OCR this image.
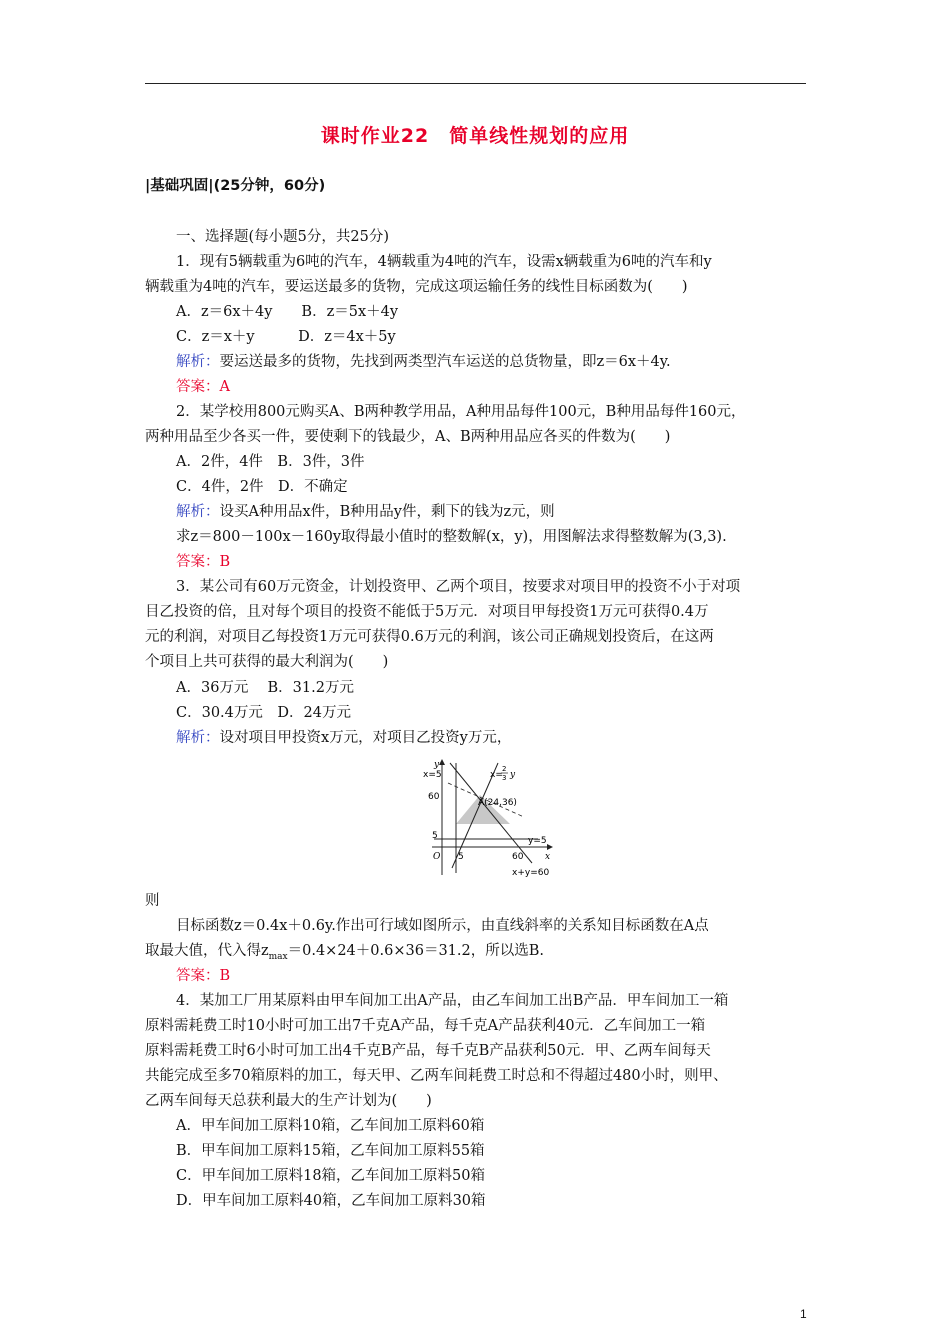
课时作业22　简单线性规划的应用
|基础巩固|(25分钟，60分)
一、选择题(每小题5分，共25分)
1．现有5辆载重为6吨的汽车，4辆载重为4吨的汽车，设需x辆载重为6吨的汽车和y
辆载重为4吨的汽车，要运送最多的货物，完成这项运输任务的线性目标函数为(　　)
A．z＝6x＋4y　　B．z＝5x＋4y
C．z＝x＋y　　　D．z＝4x＋5y
解析：要运送最多的货物，先找到两类型汽车运送的总货物量，即z＝6x＋4y.
答案：A
2．某学校用800元购买A、B两种教学用品，A种用品每件100元，B种用品每件160元，
两种用品至少各买一件，要使剩下的钱最少，A、B两种用品应各买的件数为(　　)
A．2件，4件　B．3件，3件
C．4件，2件　D．不确定
解析：设买A种用品x件，B种用品y件，剩下的钱为z元，则
求z＝800－100x－160y取得最小值时的整数解(x，y)，用图解法求得整数解为(3,3).
答案：B
3．某公司有60万元资金，计划投资甲、乙两个项目，按要求对项目甲的投资不小于对项
目乙投资的倍，且对每个项目的投资不能低于5万元．对项目甲每投资1万元可获得0.4万
元的利润，对项目乙每投资1万元可获得0.6万元的利润，该公司正确规划投资后，在这两
个项目上共可获得的最大利润为(　　)
A．36万元　 B．31.2万元
C．30.4万元　D．24万元
解析：设对项目甲投资x万元，对项目乙投资y万元，
y
x
O
x=5	x=
2
3 y
60
5
5	60
A(24,36)
y=5
x+y=60
则
目标函数z＝0.4x＋0.6y.作出可行域如图所示，由直线斜率的关系知目标函数在A点
取最大值，代入得$z_{max}=0.4\times 24+0.6\times 36=31.2$，所以选B.
答案：B
4．某加工厂用某原料由甲车间加工出A产品，由乙车间加工出B产品．甲车间加工一箱
原料需耗费工时10小时可加工出7千克A产品，每千克A产品获利40元．乙车间加工一箱
原料需耗费工时6小时可加工出4千克B产品，每千克B产品获利50元．甲、乙两车间每天
共能完成至多70箱原料的加工，每天甲、乙两车间耗费工时总和不得超过480小时，则甲、
乙两车间每天总获利最大的生产计划为(　　)
A．甲车间加工原料10箱，乙车间加工原料60箱
B．甲车间加工原料15箱，乙车间加工原料55箱
C．甲车间加工原料18箱，乙车间加工原料50箱
D．甲车间加工原料40箱，乙车间加工原料30箱
1
